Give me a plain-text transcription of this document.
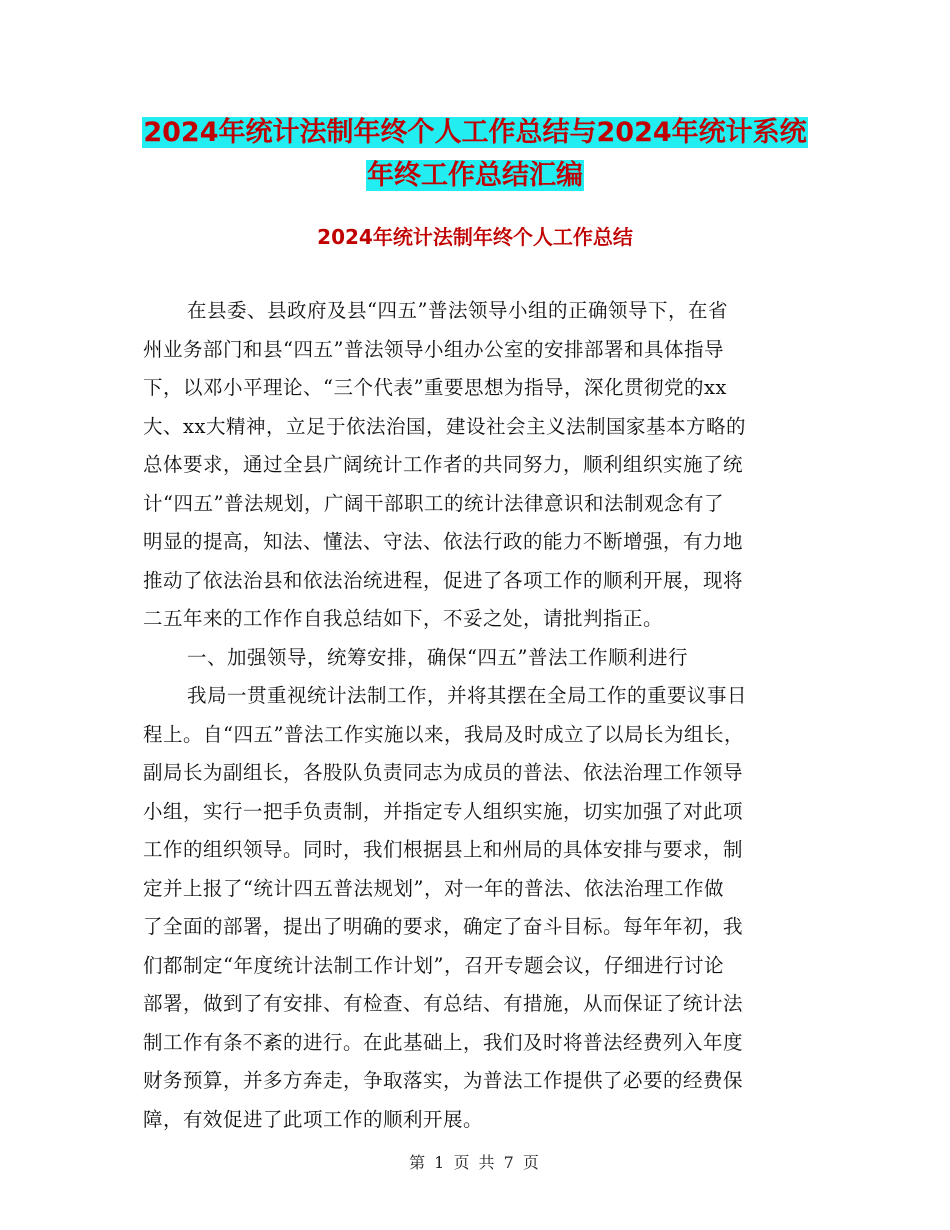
2024年统计法制年终个人工作总结与2024年统计系统
年终工作总结汇编
2024年统计法制年终个人工作总结
在县委、县政府及县“四五”普法领导小组的正确领导下，在省
州业务部门和县“四五”普法领导小组办公室的安排部署和具体指导
下，以邓小平理论、“三个代表”重要思想为指导，深化贯彻党的xx
大、xx大精神，立足于依法治国，建设社会主义法制国家基本方略的
总体要求，通过全县广阔统计工作者的共同努力，顺利组织实施了统
计“四五”普法规划，广阔干部职工的统计法律意识和法制观念有了
明显的提高，知法、懂法、守法、依法行政的能力不断增强，有力地
推动了依法治县和依法治统进程，促进了各项工作的顺利开展，现将
二五年来的工作作自我总结如下，不妥之处，请批判指正。
一、加强领导，统筹安排，确保“四五”普法工作顺利进行
我局一贯重视统计法制工作，并将其摆在全局工作的重要议事日
程上。自“四五”普法工作实施以来，我局及时成立了以局长为组长，
副局长为副组长，各股队负责同志为成员的普法、依法治理工作领导
小组，实行一把手负责制，并指定专人组织实施，切实加强了对此项
工作的组织领导。同时，我们根据县上和州局的具体安排与要求，制
定并上报了“统计四五普法规划”，对一年的普法、依法治理工作做
了全面的部署，提出了明确的要求，确定了奋斗目标。每年年初，我
们都制定“年度统计法制工作计划”，召开专题会议，仔细进行讨论
部署，做到了有安排、有检查、有总结、有措施，从而保证了统计法
制工作有条不紊的进行。在此基础上，我们及时将普法经费列入年度
财务预算，并多方奔走，争取落实，为普法工作提供了必要的经费保
障，有效促进了此项工作的顺利开展。
第 1 页 共 7 页
